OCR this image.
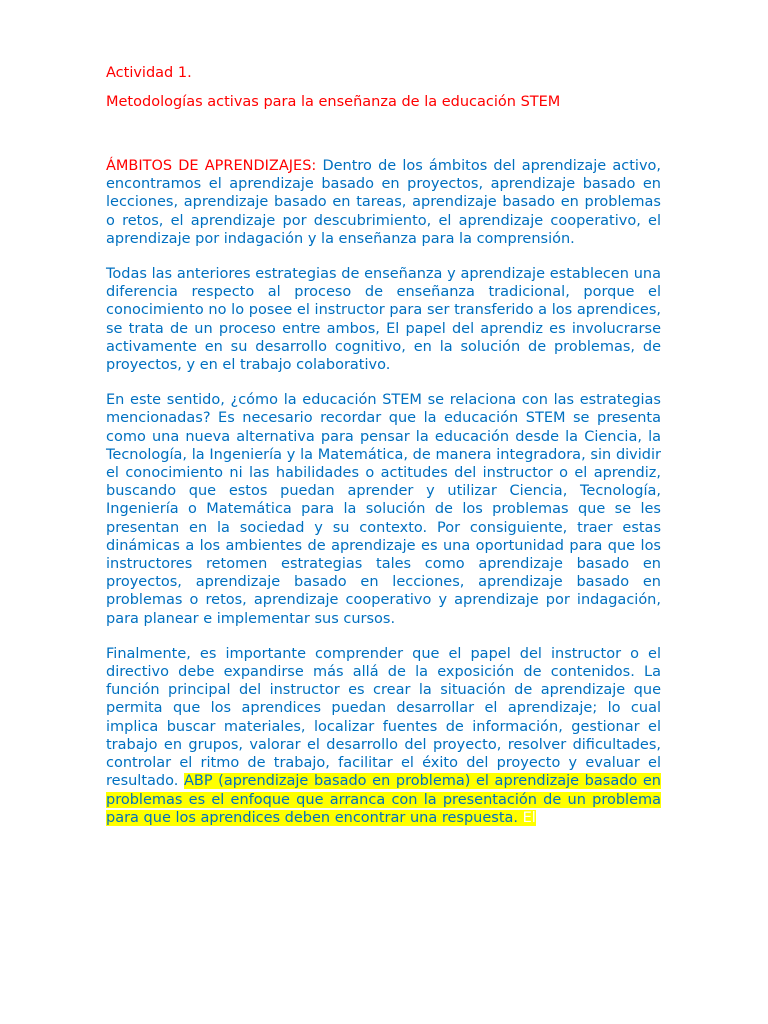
Actividad 1.

Metodologías activas para la enseñanza de la educación STEM

ÁMBITOS DE APRENDIZAJES: Dentro de los ámbitos del aprendizaje activo, encontramos el aprendizaje basado en proyectos, aprendizaje basado en lecciones, aprendizaje basado en tareas, aprendizaje basado en problemas o retos, el aprendizaje por descubrimiento, el aprendizaje cooperativo, el aprendizaje por indagación y la enseñanza para la comprensión.

Todas las anteriores estrategias de enseñanza y aprendizaje establecen una diferencia respecto al proceso de enseñanza tradicional, porque el conocimiento no lo posee el instructor para ser transferido a los aprendices, se trata de un proceso entre ambos, El papel del aprendiz es involucrarse activamente en su desarrollo cognitivo, en la solución de problemas, de proyectos, y en el trabajo colaborativo.

En este sentido, ¿cómo la educación STEM se relaciona con las estrategias mencionadas? Es necesario recordar que la educación STEM se presenta como una nueva alternativa para pensar la educación desde la Ciencia, la Tecnología, la Ingeniería y la Matemática, de manera integradora, sin dividir el conocimiento ni las habilidades o actitudes del instructor o el aprendiz, buscando que estos puedan aprender y utilizar Ciencia, Tecnología, Ingeniería o Matemática para la solución de los problemas que se les presentan en la sociedad y su contexto. Por consiguiente, traer estas dinámicas a los ambientes de aprendizaje es una oportunidad para que los instructores retomen estrategias tales como aprendizaje basado en proyectos, aprendizaje basado en lecciones, aprendizaje basado en problemas o retos, aprendizaje cooperativo y aprendizaje por indagación, para planear e implementar sus cursos.

Finalmente, es importante comprender que el papel del instructor o el directivo debe expandirse más allá de la exposición de contenidos. La función principal del instructor es crear la situación de aprendizaje que permita que los aprendices puedan desarrollar el aprendizaje; lo cual implica buscar materiales, localizar fuentes de información, gestionar el trabajo en grupos, valorar el desarrollo del proyecto, resolver dificultades, controlar el ritmo de trabajo, facilitar el éxito del proyecto y evaluar el resultado. ABP (aprendizaje basado en problema) el aprendizaje basado en problemas es el enfoque que arranca con la presentación de un problema para que los aprendices deben encontrar una respuesta. El
